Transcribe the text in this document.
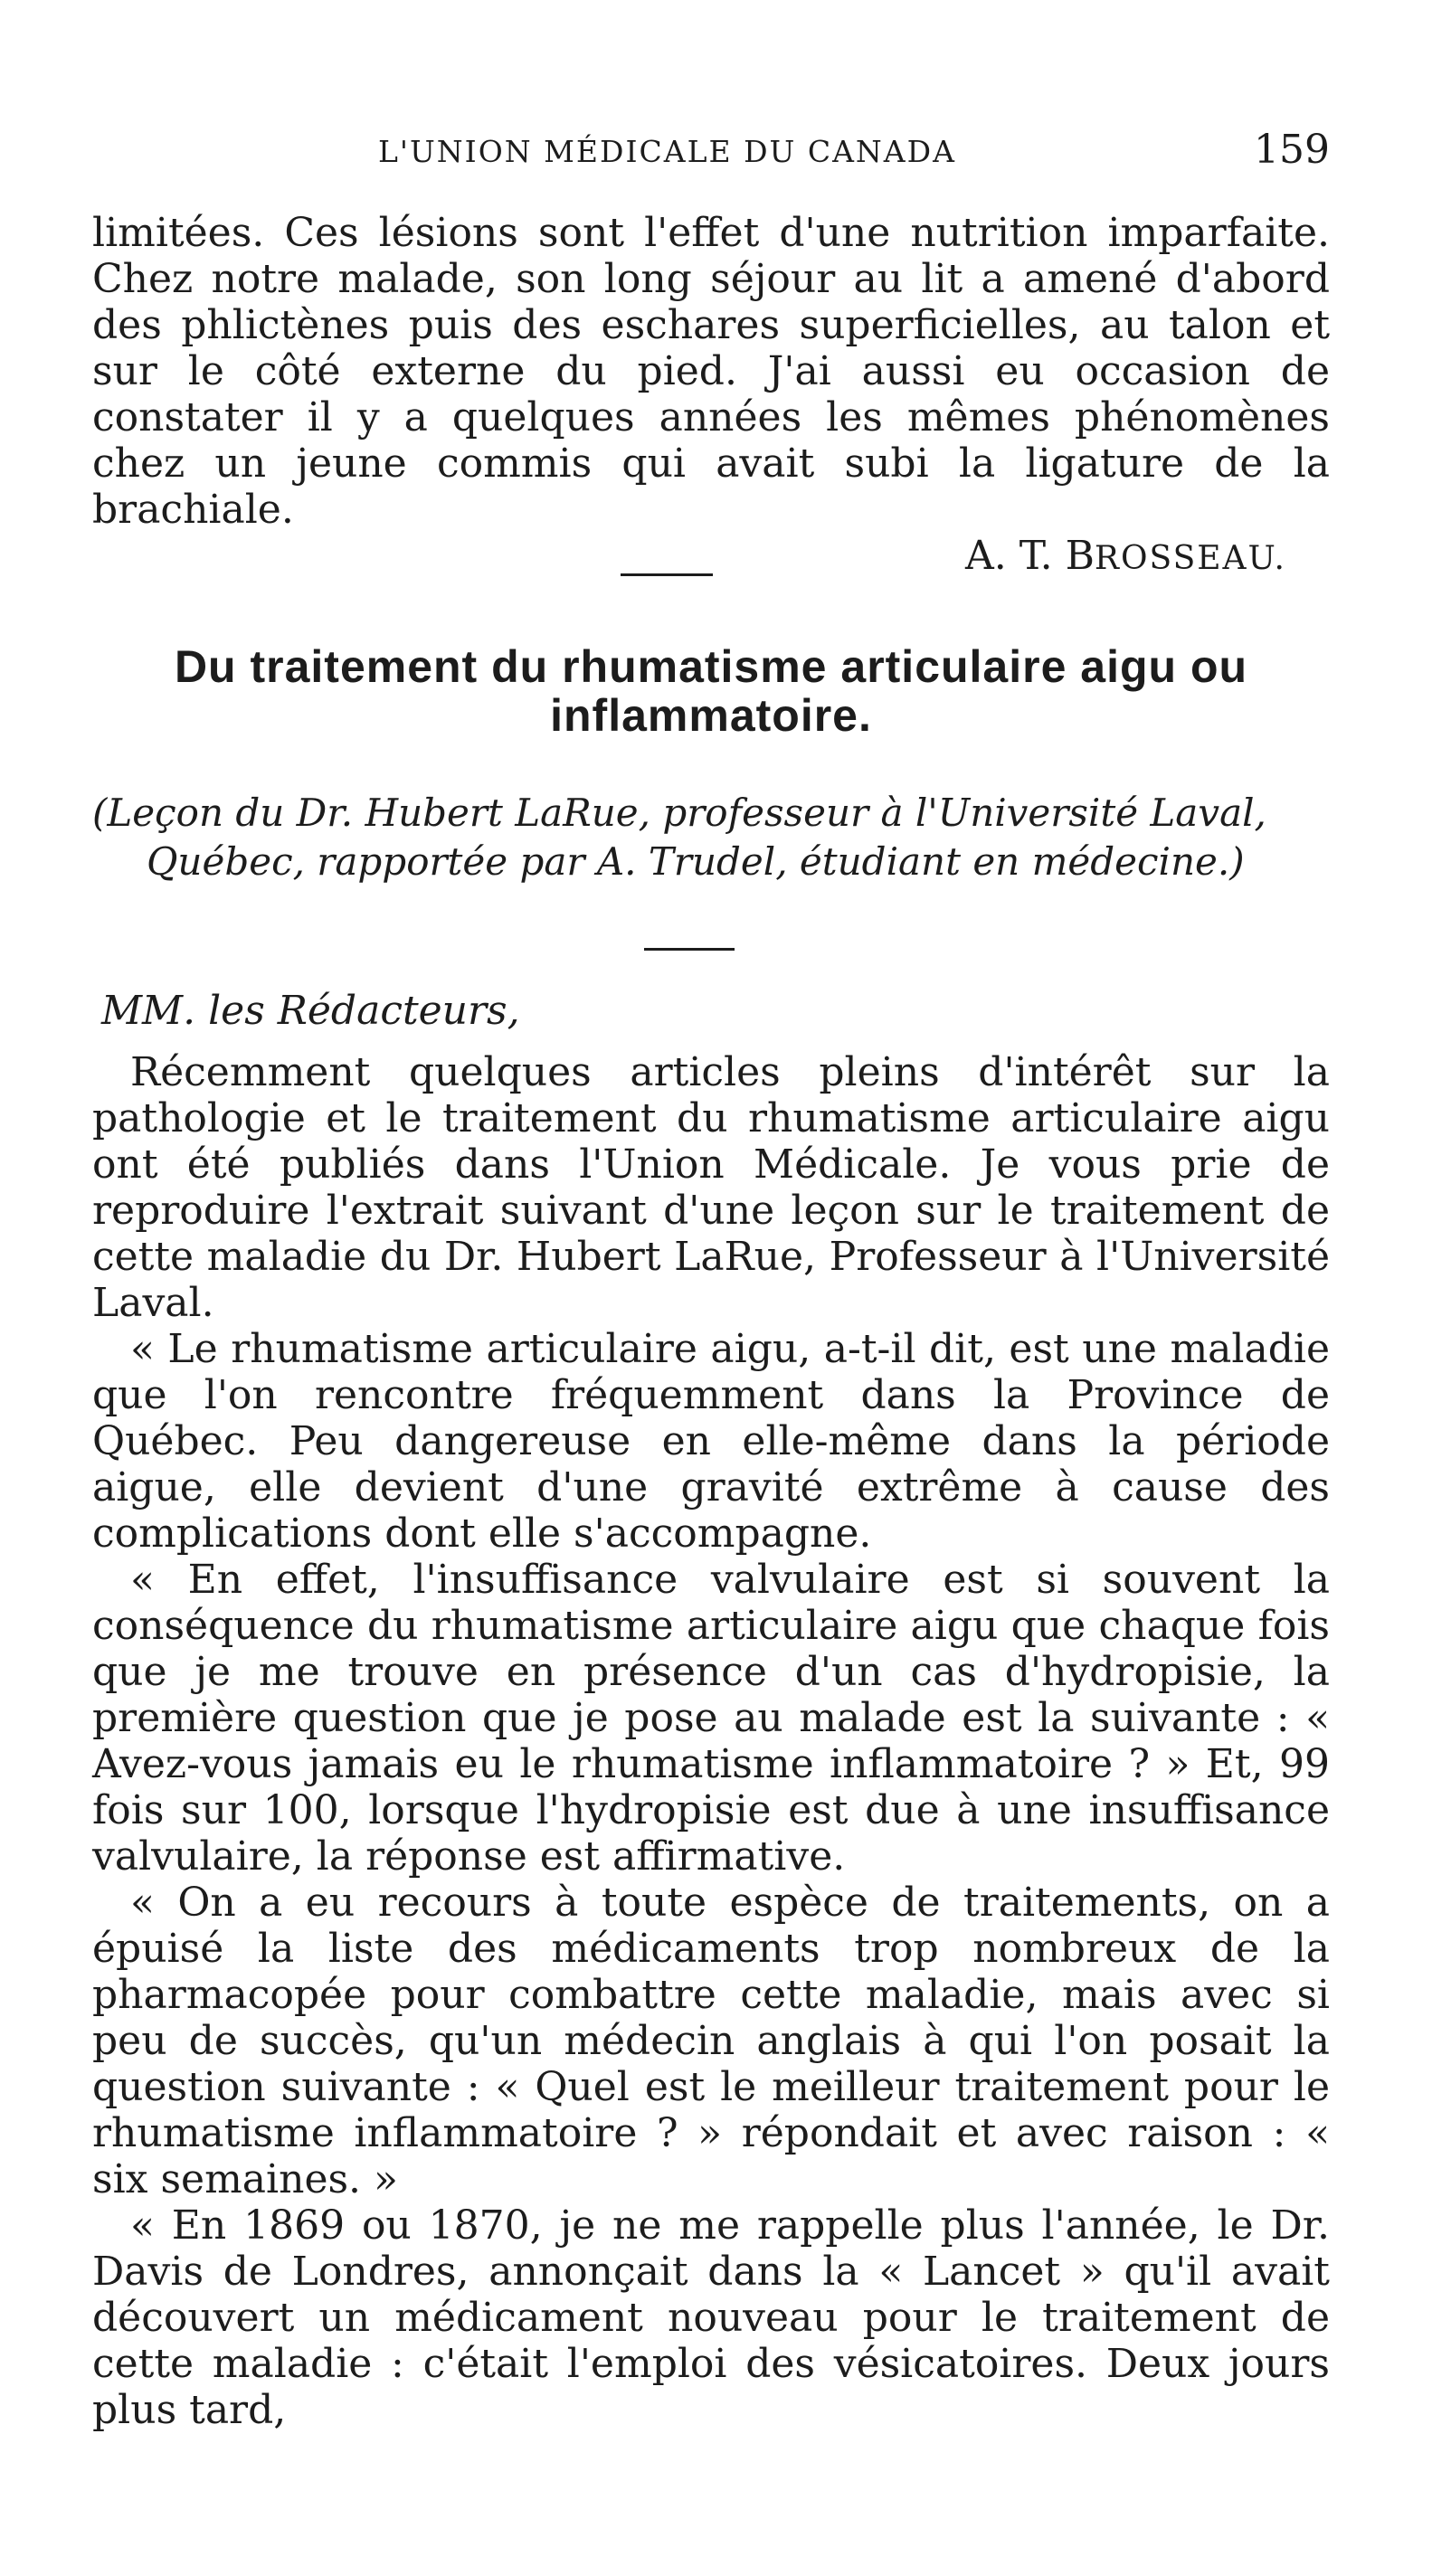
L'UNION MÉDICALE DU CANADA	159

limitées. Ces lésions sont l'effet d'une nutrition imparfaite. Chez notre malade, son long séjour au lit a amené d'abord des phlictènes puis des eschares superficielles, au talon et sur le côté externe du pied. J'ai aussi eu occasion de constater il y a quelques années les mêmes phénomènes chez un jeune commis qui avait subi la ligature de la brachiale.

A. T. BROSSEAU.

Du traitement du rhumatisme articulaire aigu ou
inflammatoire.

(Leçon du Dr. Hubert LaRue, professeur à l'Université Laval,
Québec, rapportée par A. Trudel, étudiant en médecine.)

MM. les Rédacteurs,

Récemment quelques articles pleins d'intérêt sur la pathologie et le traitement du rhumatisme articulaire aigu ont été publiés dans l'Union Médicale. Je vous prie de reproduire l'extrait suivant d'une leçon sur le traitement de cette maladie du Dr. Hubert LaRue, Professeur à l'Université Laval.

« Le rhumatisme articulaire aigu, a-t-il dit, est une maladie que l'on rencontre fréquemment dans la Province de Québec. Peu dangereuse en elle-même dans la période aigue, elle devient d'une gravité extrême à cause des complications dont elle s'accompagne.

« En effet, l'insuffisance valvulaire est si souvent la conséquence du rhumatisme articulaire aigu que chaque fois que je me trouve en présence d'un cas d'hydropisie, la première question que je pose au malade est la suivante : « Avez-vous jamais eu le rhumatisme inflammatoire ? » Et, 99 fois sur 100, lorsque l'hydropisie est due à une insuffisance valvulaire, la réponse est affirmative.

« On a eu recours à toute espèce de traitements, on a épuisé la liste des médicaments trop nombreux de la pharmacopée pour combattre cette maladie, mais avec si peu de succès, qu'un médecin anglais à qui l'on posait la question suivante : « Quel est le meilleur traitement pour le rhumatisme inflammatoire ? » répondait et avec raison : « six semaines. »

« En 1869 ou 1870, je ne me rappelle plus l'année, le Dr. Davis de Londres, annonçait dans la « Lancet » qu'il avait découvert un médicament nouveau pour le traitement de cette maladie : c'était l'emploi des vésicatoires. Deux jours plus tard,
